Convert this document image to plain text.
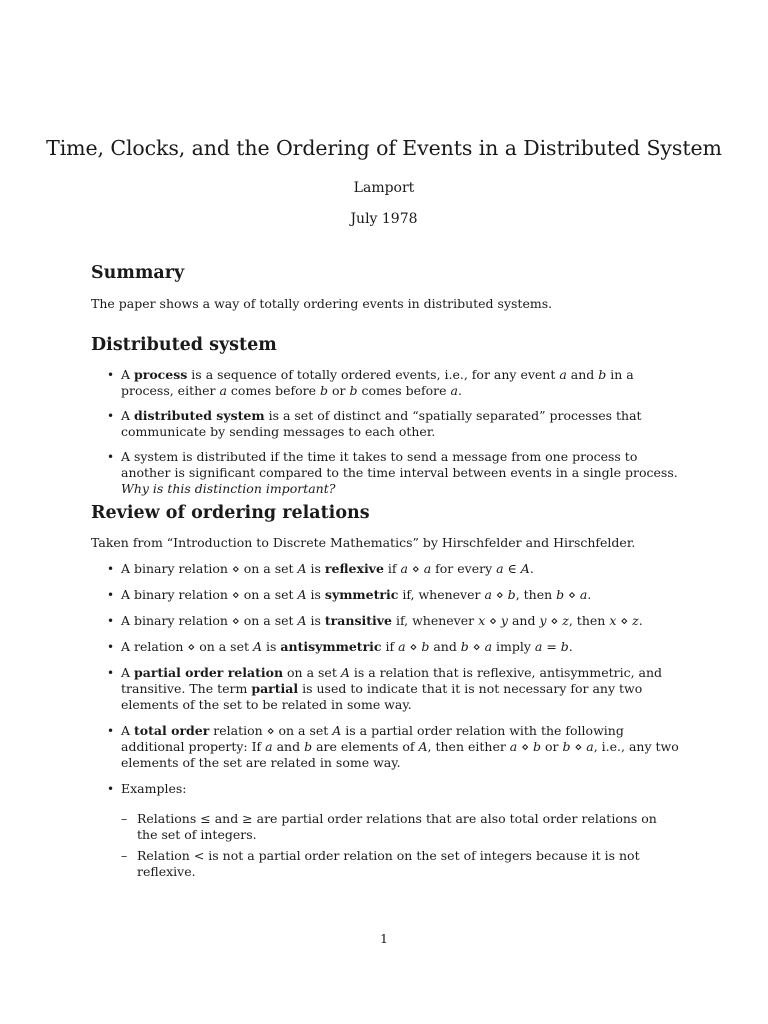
Time, Clocks, and the Ordering of Events in a Distributed System
Lamport
July 1978
Summary

The paper shows a way of totally ordering events in distributed systems.

Distributed system
• A process is a sequence of totally ordered events, i.e., for any event a and b in a process, either a comes before b or b comes before a.
• A distributed system is a set of distinct and “spatially separated” processes that communicate by sending messages to each other.
• A system is distributed if the time it takes to send a message from one process to another is significant compared to the time interval between events in a single process. Why is this distinction important?
Review of ordering relations

Taken from “Introduction to Discrete Mathematics” by Hirschfelder and Hirschfelder.

• A binary relation ⋄ on a set A is reflexive if a ⋄ a for every a ∈ A.
• A binary relation ⋄ on a set A is symmetric if, whenever a ⋄ b, then b ⋄ a.
• A binary relation ⋄ on a set A is transitive if, whenever x ⋄ y and y ⋄ z, then x ⋄ z.
• A relation ⋄ on a set A is antisymmetric if a ⋄ b and b ⋄ a imply a = b.
• A partial order relation on a set A is a relation that is reflexive, antisymmetric, and transitive. The term partial is used to indicate that it is not necessary for any two elements of the set to be related in some way.
• A total order relation ⋄ on a set A is a partial order relation with the following additional property: If a and b are elements of A, then either a ⋄ b or b ⋄ a, i.e., any two elements of the set are related in some way.
• Examples:
– Relations ≤ and ≥ are partial order relations that are also total order relations on the set of integers.
– Relation < is not a partial order relation on the set of integers because it is not reflexive.
1
